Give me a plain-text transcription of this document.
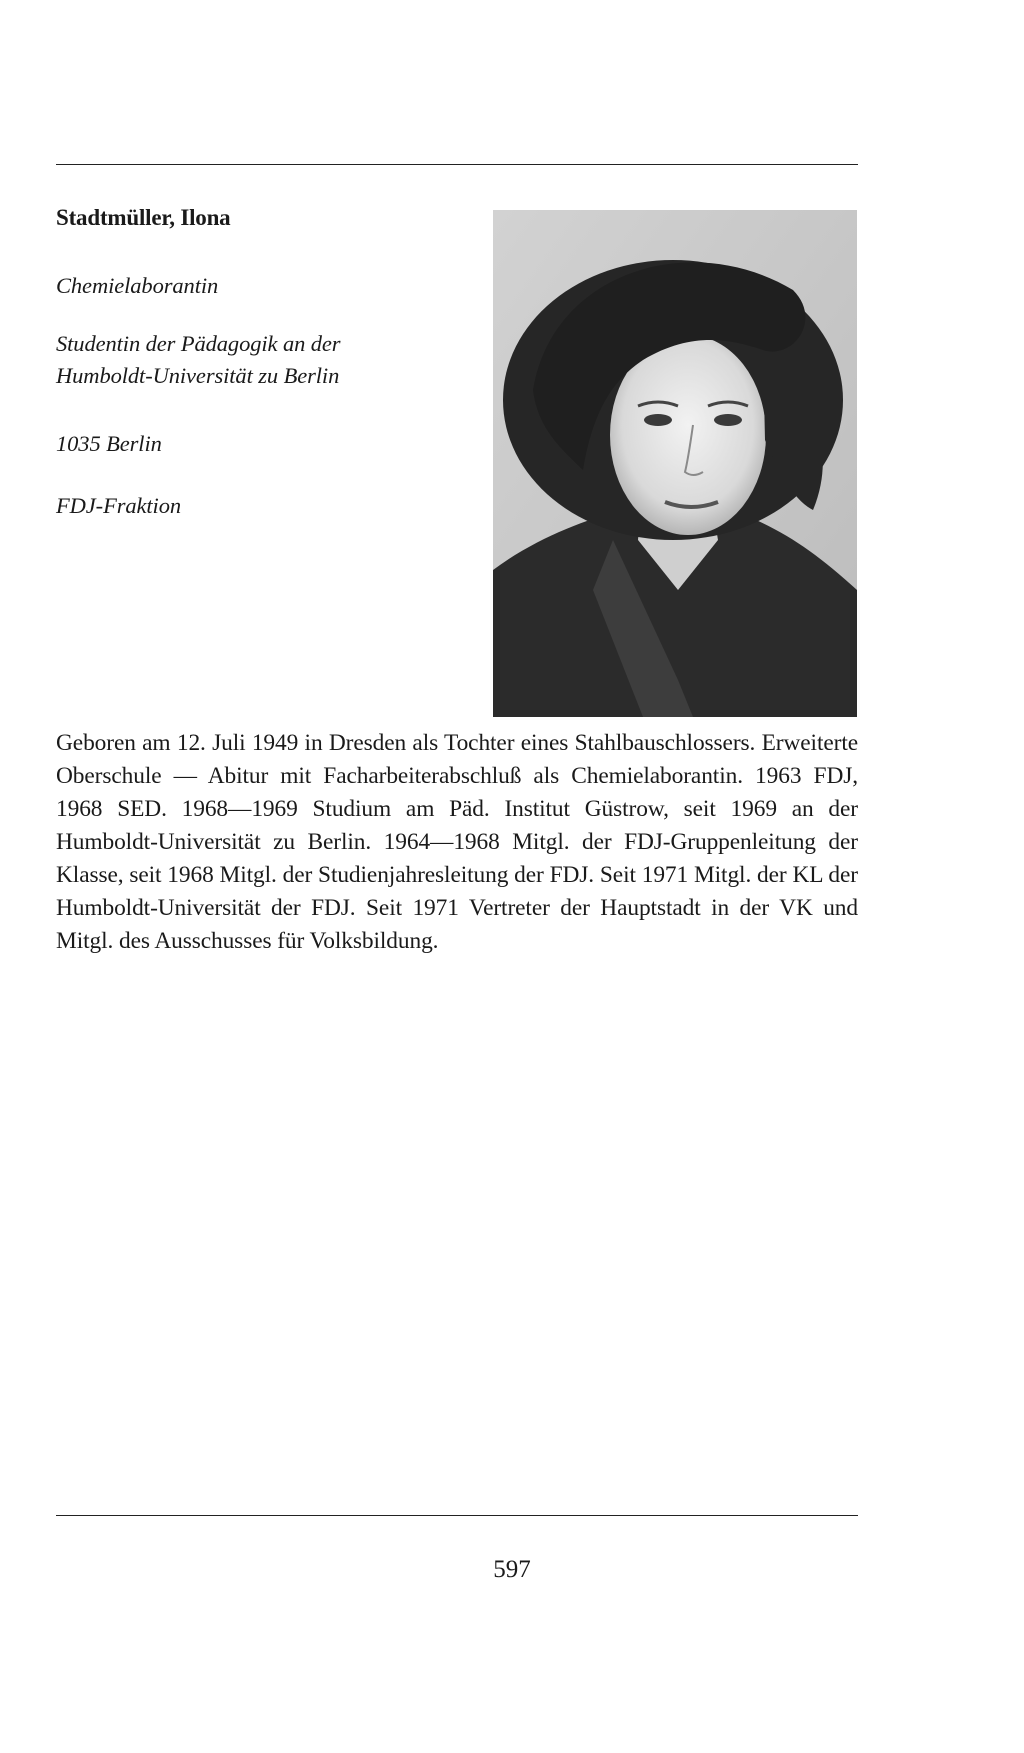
Stadtmüller, Ilona
Chemielaborantin
Studentin der Pädagogik an der
Humboldt-Universität zu Berlin
1035 Berlin
FDJ-Fraktion
Geboren am 12. Juli 1949 in Dresden als Tochter eines Stahlbauschlossers. Erweiterte Oberschule — Abitur mit Facharbeiterabschluß als Chemielaborantin. 1963 FDJ, 1968 SED. 1968—1969 Studium am Päd. Institut Güstrow, seit 1969 an der Humboldt-Universität zu Berlin. 1964—1968 Mitgl. der FDJ-Gruppenleitung der Klasse, seit 1968 Mitgl. der Studienjahresleitung der FDJ. Seit 1971 Mitgl. der KL der Humboldt-Universität der FDJ. Seit 1971 Vertreter der Hauptstadt in der VK und Mitgl. des Ausschusses für Volksbildung.
597
